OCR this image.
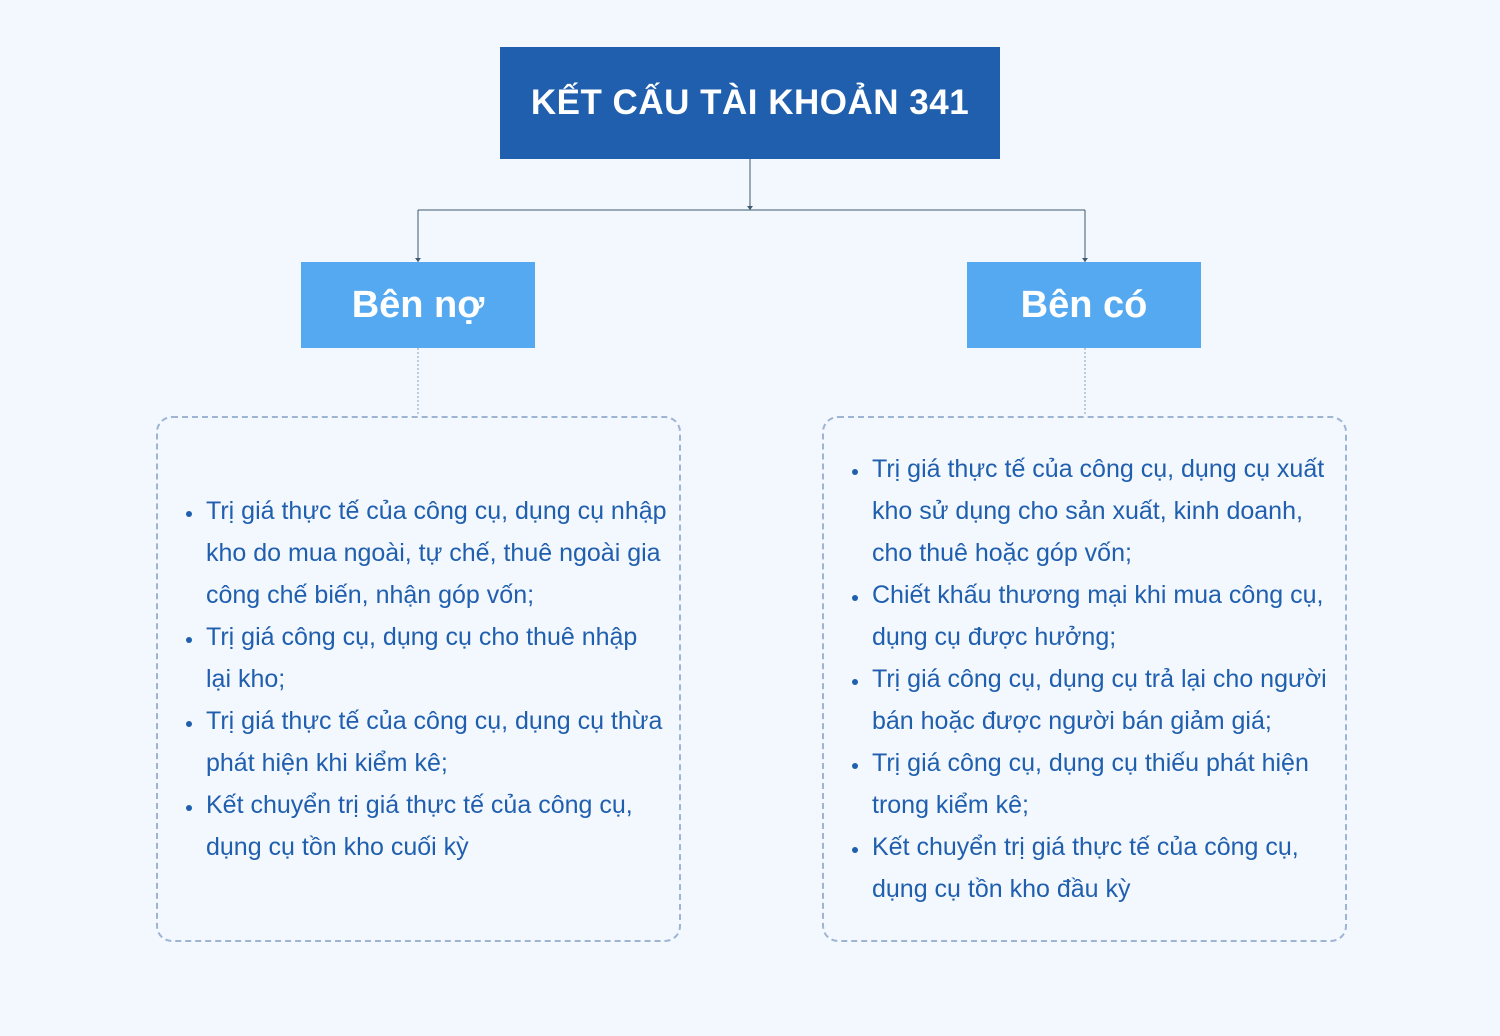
KẾT CẤU TÀI KHOẢN 341
Bên nợ	Bên có
• Trị giá thực tế của công cụ, dụng cụ nhập kho do mua ngoài, tự chế, thuê ngoài gia công chế biến, nhận góp vốn;
• Trị giá công cụ, dụng cụ cho thuê nhập lại kho;
• Trị giá thực tế của công cụ, dụng cụ thừa phát hiện khi kiểm kê;
• Kết chuyển trị giá thực tế của công cụ, dụng cụ tồn kho cuối kỳ
• Trị giá thực tế của công cụ, dụng cụ xuất kho sử dụng cho sản xuất, kinh doanh, cho thuê hoặc góp vốn;
• Chiết khấu thương mại khi mua công cụ, dụng cụ được hưởng;
• Trị giá công cụ, dụng cụ trả lại cho người bán hoặc được người bán giảm giá;
• Trị giá công cụ, dụng cụ thiếu phát hiện trong kiểm kê;
• Kết chuyển trị giá thực tế của công cụ, dụng cụ tồn kho đầu kỳ
